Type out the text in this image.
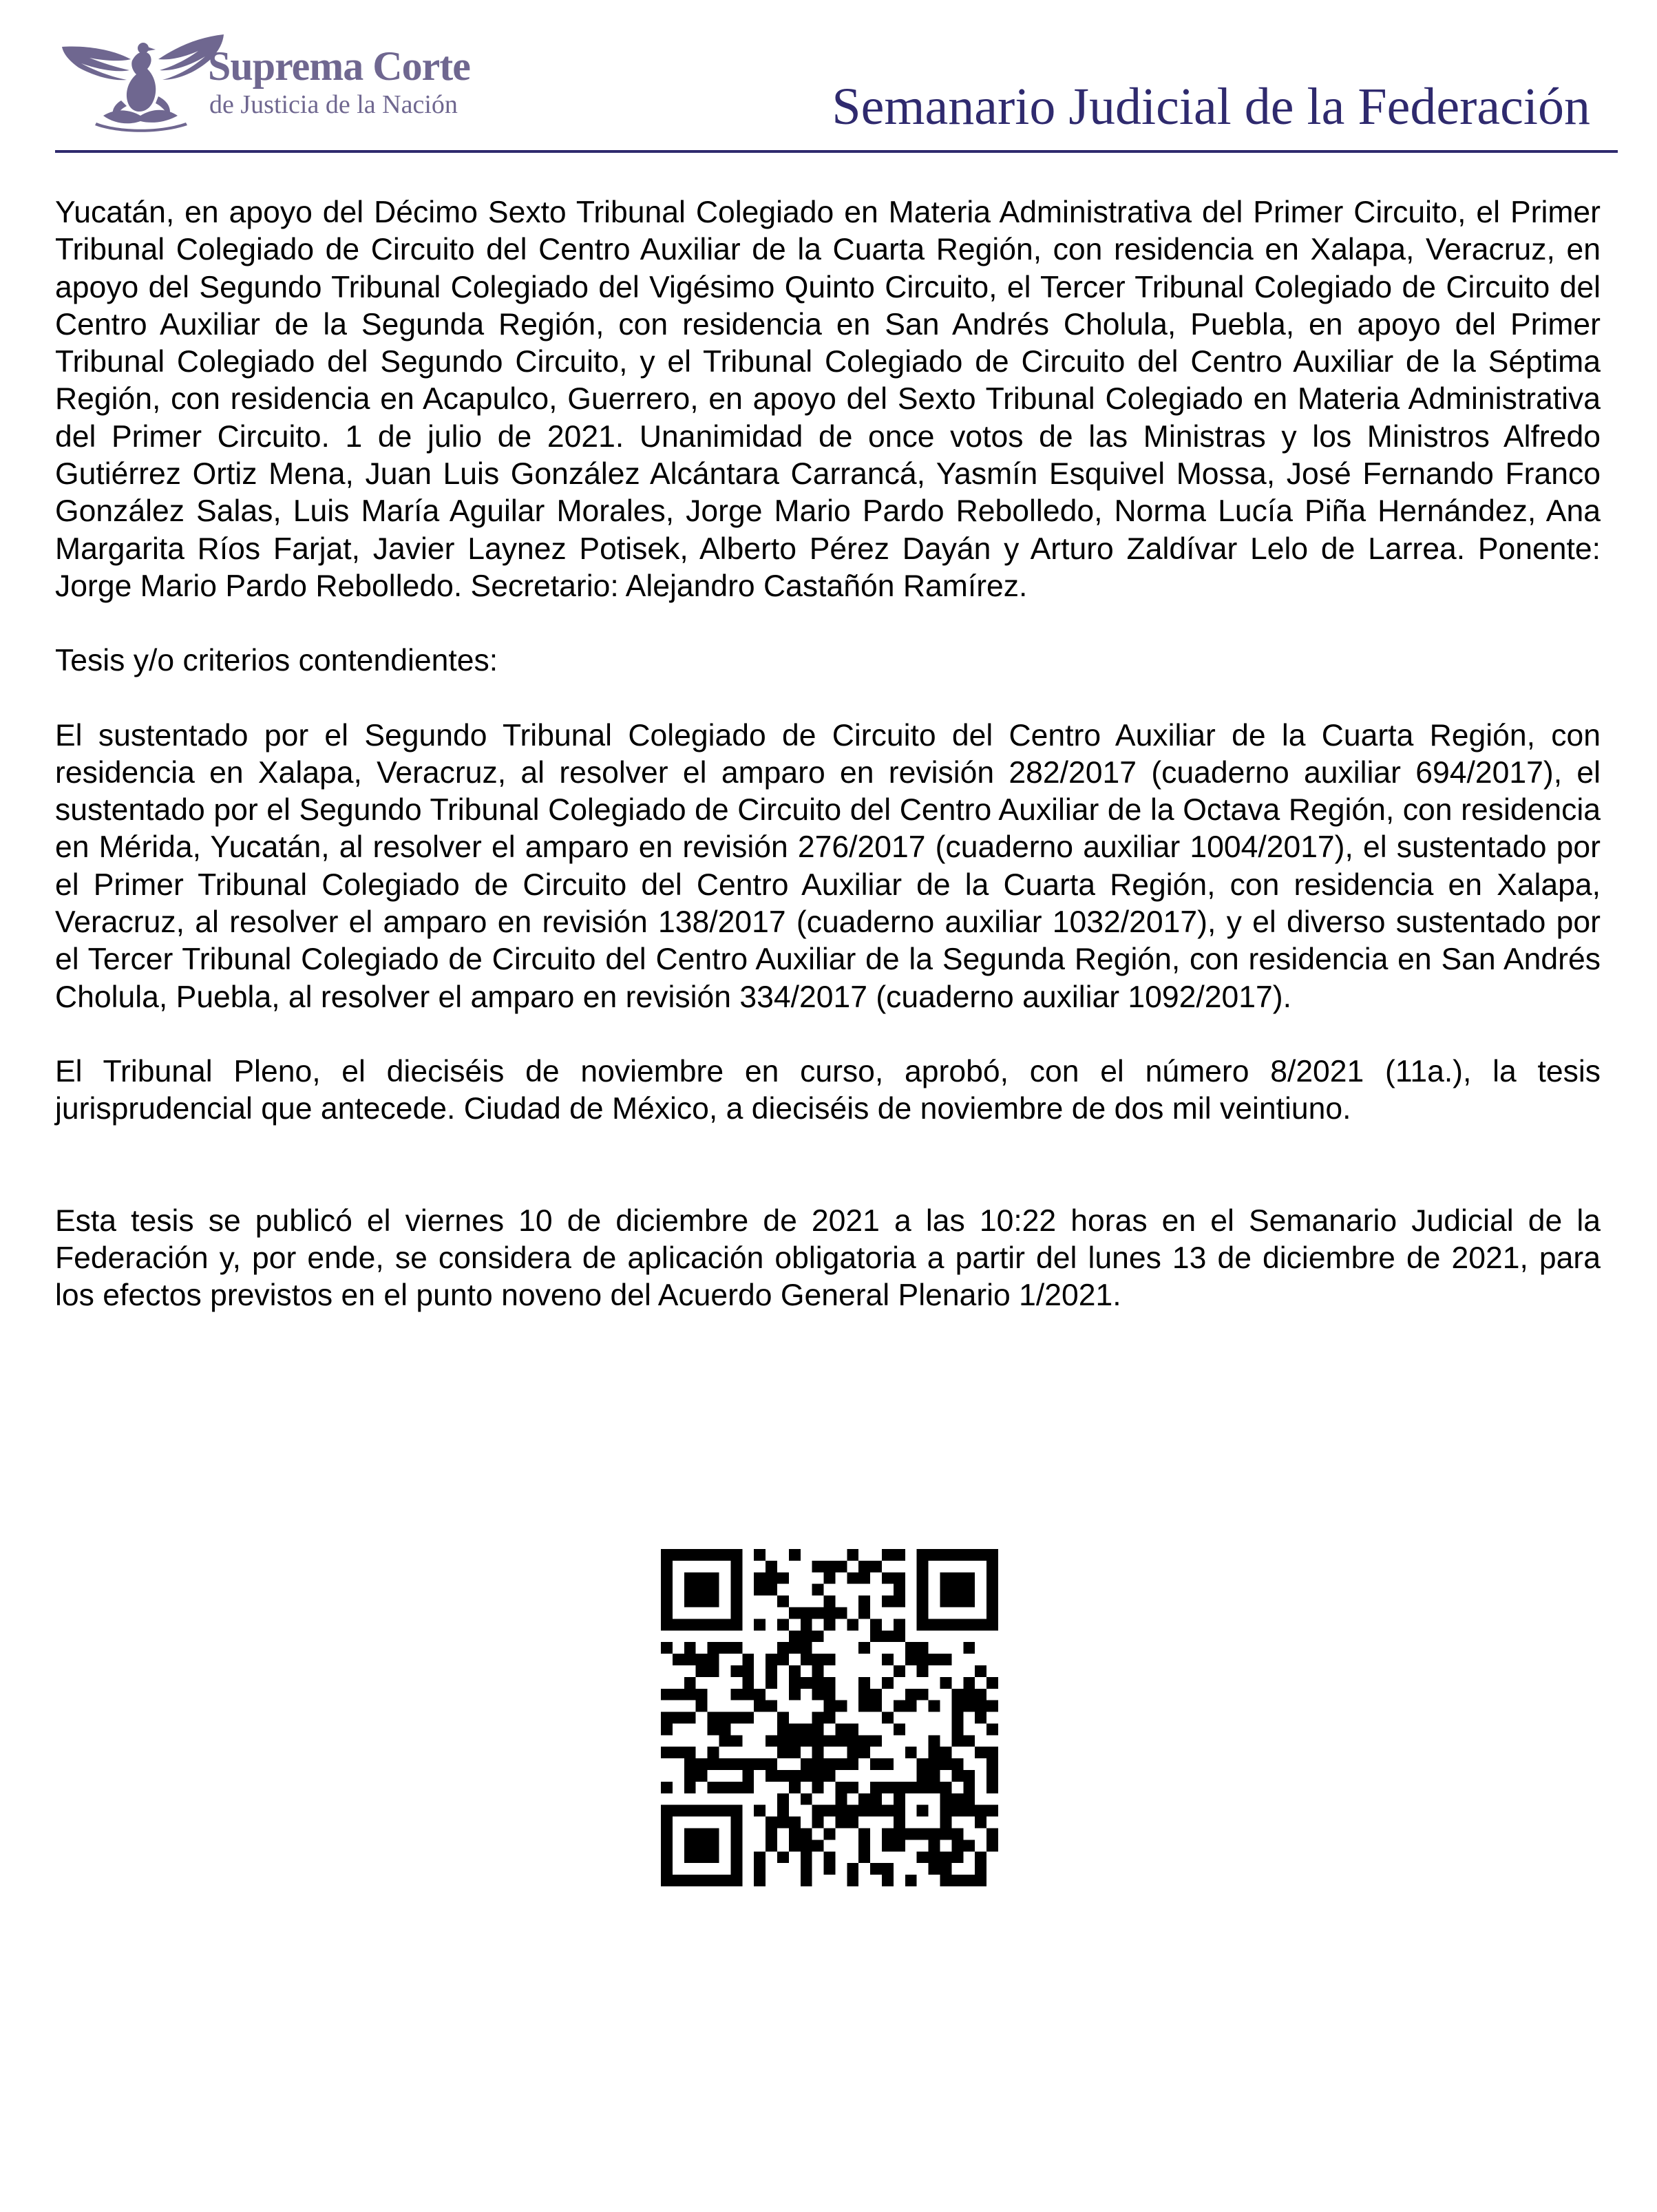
Suprema Corte
de Justicia de la Nación	Semanario Judicial de la Federación

Yucatán, en apoyo del Décimo Sexto Tribunal Colegiado en Materia Administrativa del Primer Circuito, el Primer Tribunal Colegiado de Circuito del Centro Auxiliar de la Cuarta Región, con residencia en Xalapa, Veracruz, en apoyo del Segundo Tribunal Colegiado del Vigésimo Quinto Circuito, el Tercer Tribunal Colegiado de Circuito del Centro Auxiliar de la Segunda Región, con residencia en San Andrés Cholula, Puebla, en apoyo del Primer Tribunal Colegiado del Segundo Circuito, y el Tribunal Colegiado de Circuito del Centro Auxiliar de la Séptima Región, con residencia en Acapulco, Guerrero, en apoyo del Sexto Tribunal Colegiado en Materia Administrativa del Primer Circuito. 1 de julio de 2021. Unanimidad de once votos de las Ministras y los Ministros Alfredo Gutiérrez Ortiz Mena, Juan Luis González Alcántara Carrancá, Yasmín Esquivel Mossa, José Fernando Franco González Salas, Luis María Aguilar Morales, Jorge Mario Pardo Rebolledo, Norma Lucía Piña Hernández, Ana Margarita Ríos Farjat, Javier Laynez Potisek, Alberto Pérez Dayán y Arturo Zaldívar Lelo de Larrea. Ponente: Jorge Mario Pardo Rebolledo. Secretario: Alejandro Castañón Ramírez.

Tesis y/o criterios contendientes:

El sustentado por el Segundo Tribunal Colegiado de Circuito del Centro Auxiliar de la Cuarta Región, con residencia en Xalapa, Veracruz, al resolver el amparo en revisión 282/2017 (cuaderno auxiliar 694/2017), el sustentado por el Segundo Tribunal Colegiado de Circuito del Centro Auxiliar de la Octava Región, con residencia en Mérida, Yucatán, al resolver el amparo en revisión 276/2017 (cuaderno auxiliar 1004/2017), el sustentado por el Primer Tribunal Colegiado de Circuito del Centro Auxiliar de la Cuarta Región, con residencia en Xalapa, Veracruz, al resolver el amparo en revisión 138/2017 (cuaderno auxiliar 1032/2017), y el diverso sustentado por el Tercer Tribunal Colegiado de Circuito del Centro Auxiliar de la Segunda Región, con residencia en San Andrés Cholula, Puebla, al resolver el amparo en revisión 334/2017 (cuaderno auxiliar 1092/2017).

El Tribunal Pleno, el dieciséis de noviembre en curso, aprobó, con el número 8/2021 (11a.), la tesis jurisprudencial que antecede. Ciudad de México, a dieciséis de noviembre de dos mil veintiuno.

Esta tesis se publicó el viernes 10 de diciembre de 2021 a las 10:22 horas en el Semanario Judicial de la Federación y, por ende, se considera de aplicación obligatoria a partir del lunes 13 de diciembre de 2021, para los efectos previstos en el punto noveno del Acuerdo General Plenario 1/2021.
